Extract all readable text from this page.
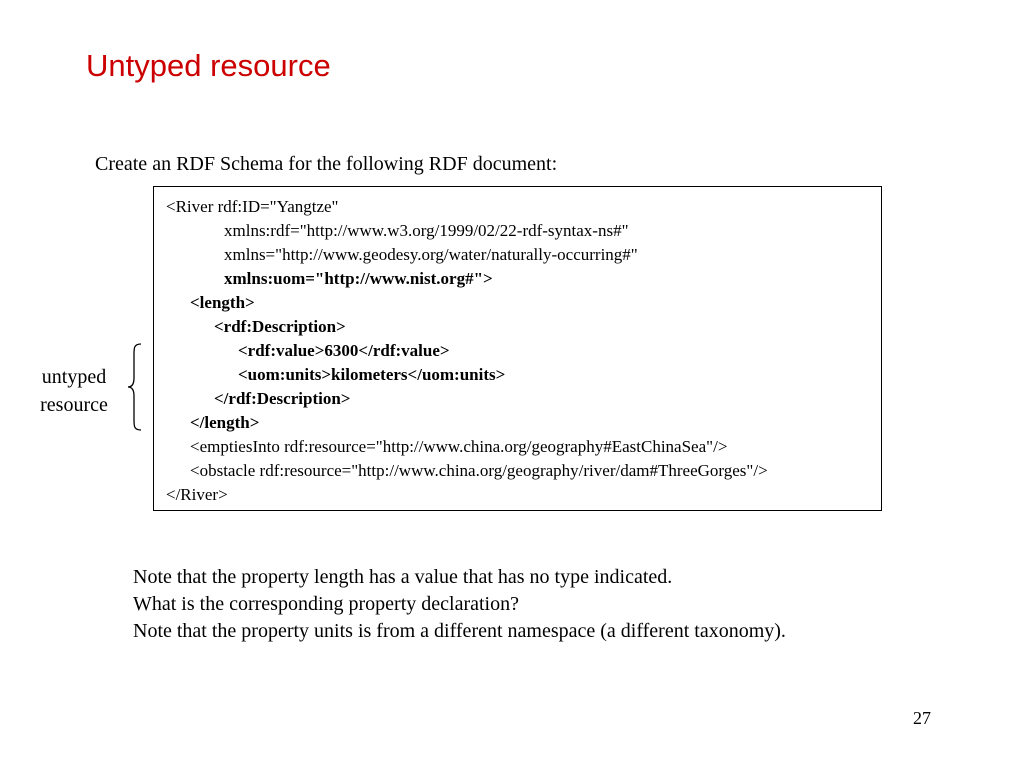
Untyped resource
Create an RDF Schema for the following RDF document:
<River rdf:ID="Yangtze"
xmlns:rdf="http://www.w3.org/1999/02/22-rdf-syntax-ns#"
xmlns="http://www.geodesy.org/water/naturally-occurring#"
xmlns:uom="http://www.nist.org#">
<length>
<rdf:Description>
<rdf:value>6300</rdf:value>
<uom:units>kilometers</uom:units>
</rdf:Description>
</length>
<emptiesInto rdf:resource="http://www.china.org/geography#EastChinaSea"/>
<obstacle rdf:resource="http://www.china.org/geography/river/dam#ThreeGorges"/>
</River>
untyped
resource
Note that the property length has a value that has no type indicated.
What is the corresponding property declaration?
Note that the property units is from a different namespace (a different taxonomy).
27
